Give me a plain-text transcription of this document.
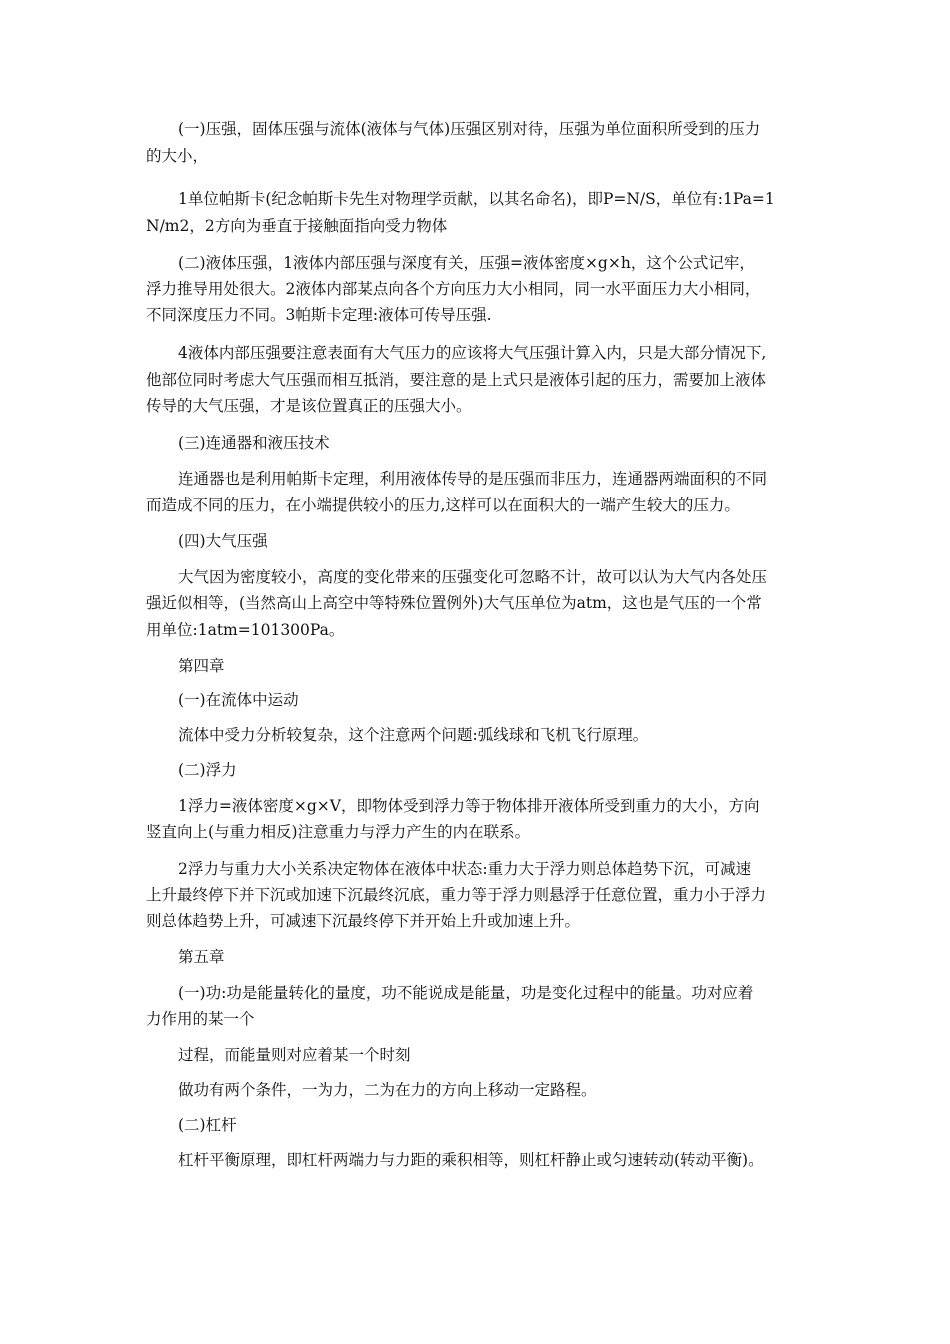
(一)压强，固体压强与流体(液体与气体)压强区别对待，压强为单位面积所受到的压力
的大小，
1单位帕斯卡(纪念帕斯卡先生对物理学贡献，以其名命名)，即P=N/S，单位有:1Pa=1
N/m2，2方向为垂直于接触面指向受力物体
(二)液体压强，1液体内部压强与深度有关，压强=液体密度×g×h，这个公式记牢，
浮力推导用处很大。2液体内部某点向各个方向压力大小相同，同一水平面压力大小相同，
不同深度压力不同。3帕斯卡定理:液体可传导压强.
4液体内部压强要注意表面有大气压力的应该将大气压强计算入内，只是大部分情况下,
他部位同时考虑大气压强而相互抵消，要注意的是上式只是液体引起的压力，需要加上液体
传导的大气压强，才是该位置真正的压强大小。
(三)连通器和液压技术
连通器也是利用帕斯卡定理，利用液体传导的是压强而非压力，连通器两端面积的不同
而造成不同的压力，在小端提供较小的压力,这样可以在面积大的一端产生较大的压力。
(四)大气压强
大气因为密度较小，高度的变化带来的压强变化可忽略不计，故可以认为大气内各处压
强近似相等，(当然高山上高空中等特殊位置例外)大气压单位为atm，这也是气压的一个常
用单位:1atm=101300Pa。
第四章
(一)在流体中运动
流体中受力分析较复杂，这个注意两个问题:弧线球和飞机飞行原理。
(二)浮力
1浮力=液体密度×g×V，即物体受到浮力等于物体排开液体所受到重力的大小，方向
竖直向上(与重力相反)注意重力与浮力产生的内在联系。
2浮力与重力大小关系决定物体在液体中状态:重力大于浮力则总体趋势下沉，可减速
上升最终停下并下沉或加速下沉最终沉底，重力等于浮力则悬浮于任意位置，重力小于浮力
则总体趋势上升，可减速下沉最终停下并开始上升或加速上升。
第五章
(一)功:功是能量转化的量度，功不能说成是能量，功是变化过程中的能量。功对应着
力作用的某一个
过程，而能量则对应着某一个时刻
做功有两个条件，一为力，二为在力的方向上移动一定路程。
(二)杠杆
杠杆平衡原理，即杠杆两端力与力距的乘积相等，则杠杆静止或匀速转动(转动平衡)。
